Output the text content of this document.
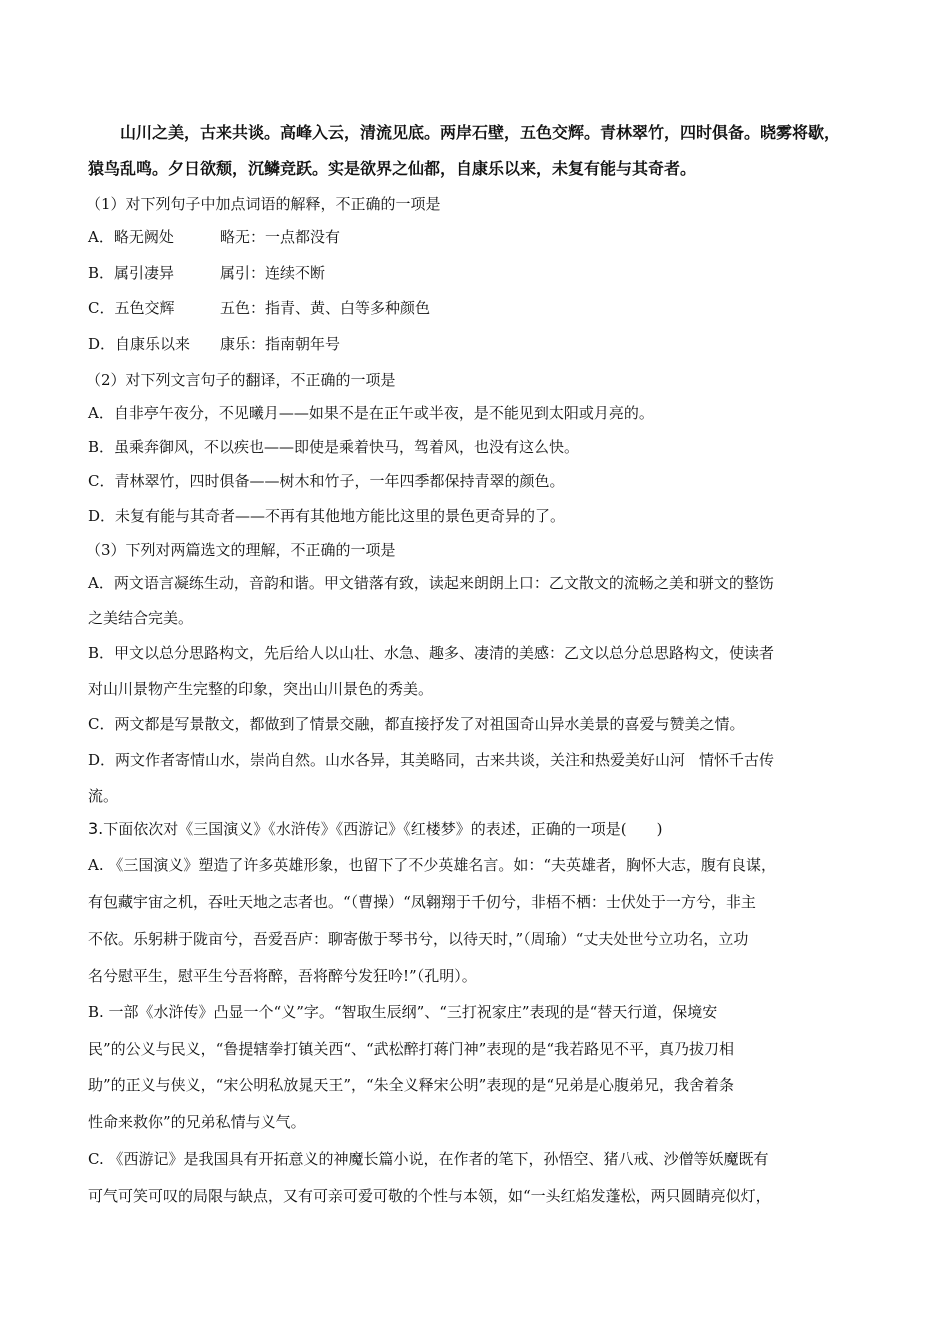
山川之美，古来共谈。高峰入云，清流见底。两岸石壁，五色交辉。青林翠竹，四时俱备。晓雾将歇，
猿鸟乱鸣。夕日欲颓，沉鳞竞跃。实是欲界之仙都，自康乐以来，未复有能与其奇者。
（1）对下列句子中加点词语的解释，不正确的一项是
A．略无阙处	略无：一点都没有
B．属引凄异	属引：连续不断
C．五色交辉	五色：指青、黄、白等多种颜色
D．自康乐以来 康乐：指南朝年号
（2）对下列文言句子的翻译，不正确的一项是
A．自非亭午夜分，不见曦月——如果不是在正午或半夜，是不能见到太阳或月亮的。
B．虽乘奔御风，不以疾也——即使是乘着快马，驾着风，也没有这么快。
C．青林翠竹，四时俱备——树木和竹子，一年四季都保持青翠的颜色。
D．未复有能与其奇者——不再有其他地方能比这里的景色更奇异的了。
（3）下列对两篇选文的理解，不正确的一项是
A．两文语言凝练生动，音韵和谐。甲文错落有致，读起来朗朗上口：乙文散文的流畅之美和骈文的整饬
之美结合完美。
B．甲文以总分思路构文，先后给人以山壮、水急、趣多、凄清的美感：乙文以总分总思路构文，使读者
对山川景物产生完整的印象，突出山川景色的秀美。
C．两文都是写景散文，都做到了情景交融，都直接抒发了对祖国奇山异水美景的喜爱与赞美之情。
D．两文作者寄情山水，崇尚自然。山水各异，其美略同，古来共谈，关注和热爱美好山河 情怀千古传
流。
3.下面依次对《三国演义》《水浒传》《西游记》《红楼梦》的表述，正确的一项是(　　)
A. 《三国演义》塑造了许多英雄形象，也留下了不少英雄名言。如：“夫英雄者，胸怀大志，腹有良谋，
有包藏宇宙之机，吞吐天地之志者也。“（曹操）“凤翱翔于千仞兮，非梧不栖：士伏处于一方兮，非主
不依。乐躬耕于陇亩兮，吾爱吾庐：聊寄傲于琴书兮，以待天时，”（周瑜）“丈夫处世兮立功名，立功
名兮慰平生，慰平生兮吾将醉，吾将醉兮发狂吟!”（孔明）。
B. 一部《水浒传》凸显一个“义”字。“智取生辰纲”、“三打祝家庄”表现的是“替天行道，保境安
民”的公义与民义，“鲁提辖拳打镇关西“、“武松醉打蒋门神”表现的是“我若路见不平，真乃拔刀相
助”的正义与侠义，“宋公明私放晁天王”，“朱全义释宋公明”表现的是“兄弟是心腹弟兄，我舍着条
性命来救你”的兄弟私情与义气。
C. 《西游记》是我国具有开拓意义的神魔长篇小说，在作者的笔下，孙悟空、猪八戒、沙僧等妖魔既有
可气可笑可叹的局限与缺点，又有可亲可爱可敬的个性与本领，如“一头红焰发蓬松，两只圆睛亮似灯，
